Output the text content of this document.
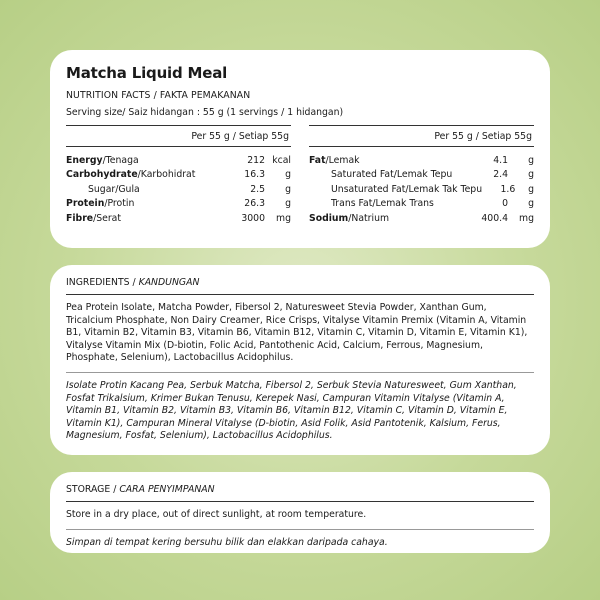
Matcha Liquid Meal
NUTRITION FACTS / FAKTA PEMAKANAN
Serving size/ Saiz hidangan : 55 g (1 servings / 1 hidangan)
Per 55 g / Setiap 55g
Energy/Tenaga	212 kcal
Carbohydrate/Karbohidrat	16.3	g
Sugar/Gula	2.5	g
Protein/Protin	26.3	g
Fibre/Serat	3000	mg
Per 55 g / Setiap 55g
Fat/Lemak	4.1	g
Saturated Fat/Lemak Tepu	2.4	g
Unsaturated Fat/Lemak Tak Tepu	1.6	g
Trans Fat/Lemak Trans	0	g
Sodium/Natrium	400.4	mg
INGREDIENTS / KANDUNGAN

Pea Protein Isolate, Matcha Powder, Fibersol 2, Naturesweet Stevia Powder, Xanthan Gum, Tricalcium Phosphate, Non Dairy Creamer, Rice Crisps, Vitalyse Vitamin Premix (Vitamin A, Vitamin B1, Vitamin B2, Vitamin B3, Vitamin B6, Vitamin B12, Vitamin C, Vitamin D, Vitamin E, Vitamin K1), Vitalyse Vitamin Mix (D-biotin, Folic Acid, Pantothenic Acid, Calcium, Ferrous, Magnesium, Phosphate, Selenium), Lactobacillus Acidophilus.

Isolate Protin Kacang Pea, Serbuk Matcha, Fibersol 2, Serbuk Stevia Naturesweet, Gum Xanthan, Fosfat Trikalsium, Krimer Bukan Tenusu, Kerepek Nasi, Campuran Vitamin Vitalyse (Vitamin A, Vitamin B1, Vitamin B2, Vitamin B3, Vitamin B6, Vitamin B12, Vitamin C, Vitamin D, Vitamin E, Vitamin K1), Campuran Mineral Vitalyse (D-biotin, Asid Folik, Asid Pantotenik, Kalsium, Ferus, Magnesium, Fosfat, Selenium), Lactobacillus Acidophilus.

STORAGE / CARA PENYIMPANAN

Store in a dry place, out of direct sunlight, at room temperature.

Simpan di tempat kering bersuhu bilik dan elakkan daripada cahaya.
